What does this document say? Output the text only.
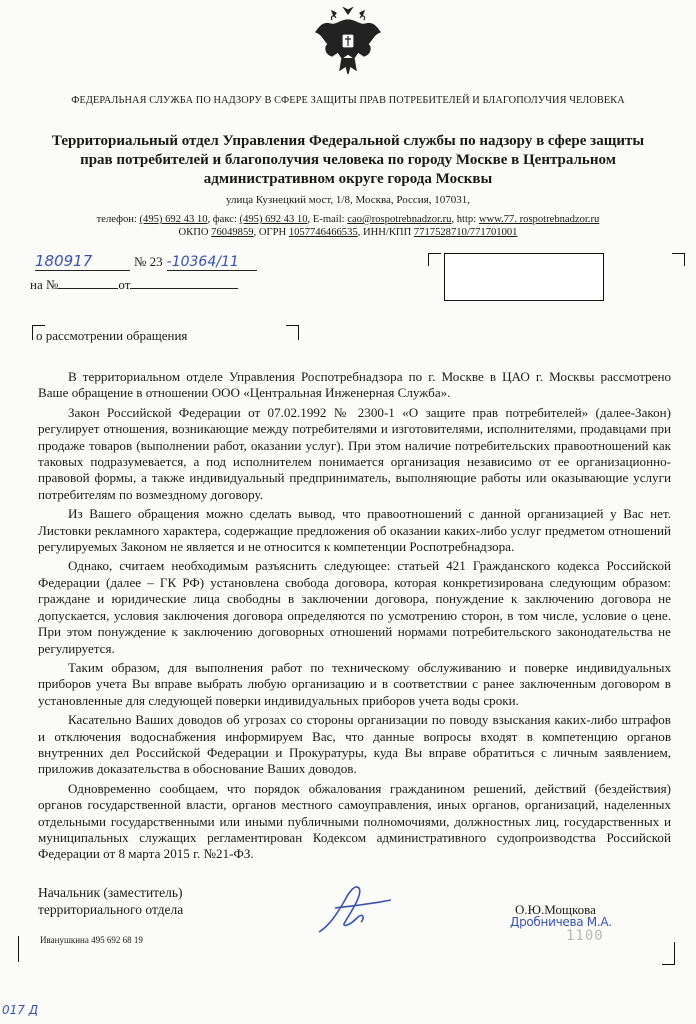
ФЕДЕРАЛЬНАЯ СЛУЖБА ПО НАДЗОРУ В СФЕРЕ ЗАЩИТЫ ПРАВ ПОТРЕБИТЕЛЕЙ И БЛАГОПОЛУЧИЯ ЧЕЛОВЕКА
Территориальный отдел Управления Федеральной службы по надзору в сфере защиты прав потребителей и благополучия человека по городу Москве в Центральном административном округе города Москвы
улица Кузнецкий мост, 1/8, Москва, Россия, 107031,
телефон: (495) 692 43 10, факс: (495) 692 43 10, E-mail: cao@rospotrebnadzor.ru, http: www.77. rospotrebnadzor.ru
ОКПО 76049859, ОГРН 1057746466535, ИНН/КПП 7717528710/771701001
180917	№ 23 -10364/11
на №	от
о рассмотрении обращения

В территориальном отделе Управления Роспотребнадзора по г. Москве в ЦАО г. Москвы рассмотрено Ваше обращение в отношении ООО «Центральная Инженерная Служба».

Закон Российской Федерации от 07.02.1992 № 2300-1 «О защите прав потребителей» (далее-Закон) регулирует отношения, возникающие между потребителями и изготовителями, исполнителями, продавцами при продаже товаров (выполнении работ, оказании услуг). При этом наличие потребительских правоотношений как таковых подразумевается, а под исполнителем понимается организация независимо от ее организационно-правовой формы, а также индивидуальный предприниматель, выполняющие работы или оказывающие услуги потребителям по возмездному договору.

Из Вашего обращения можно сделать вывод, что правоотношений с данной организацией у Вас нет. Листовки рекламного характера, содержащие предложения об оказании каких-либо услуг предметом отношений регулируемых Законом не является и не относится к компетенции Роспотребнадзора.

Однако, считаем необходимым разъяснить следующее: статьей 421 Гражданского кодекса Российской Федерации (далее – ГК РФ) установлена свобода договора, которая конкретизирована следующим образом: граждане и юридические лица свободны в заключении договора, понуждение к заключению договора не допускается, условия заключения договора определяются по усмотрению сторон, в том числе, условие о цене. При этом понуждение к заключению договорных отношений нормами потребительского законодательства не регулируется.

Таким образом, для выполнения работ по техническому обслуживанию и поверке индивидуальных приборов учета Вы вправе выбрать любую организацию и в соответствии с ранее заключенным договором в установленные для следующей поверки индивидуальных приборов учета воды сроки.

Касательно Ваших доводов об угрозах со стороны организации по поводу взыскания каких-либо штрафов и отключения водоснабжения информируем Вас, что данные вопросы входят в компетенцию органов внутренних дел Российской Федерации и Прокуратуры, куда Вы вправе обратиться с личным заявлением, приложив доказательства в обоснование Ваших доводов.

Одновременно сообщаем, что порядок обжалования гражданином решений, действий (бездействия) органов государственной власти, органов местного самоуправления, иных органов, организаций, наделенных отдельными государственными или иными публичными полномочиями, должностных лиц, государственных и муниципальных служащих регламентирован Кодексом административного судопроизводства Российской Федерации от 8 марта 2015 г. №21-ФЗ.

Начальник (заместитель)
территориального отдела	О.Ю.Мощкова
Дробничева М.А.
1100
Иванушкина 495 692 68 19
017 Д
